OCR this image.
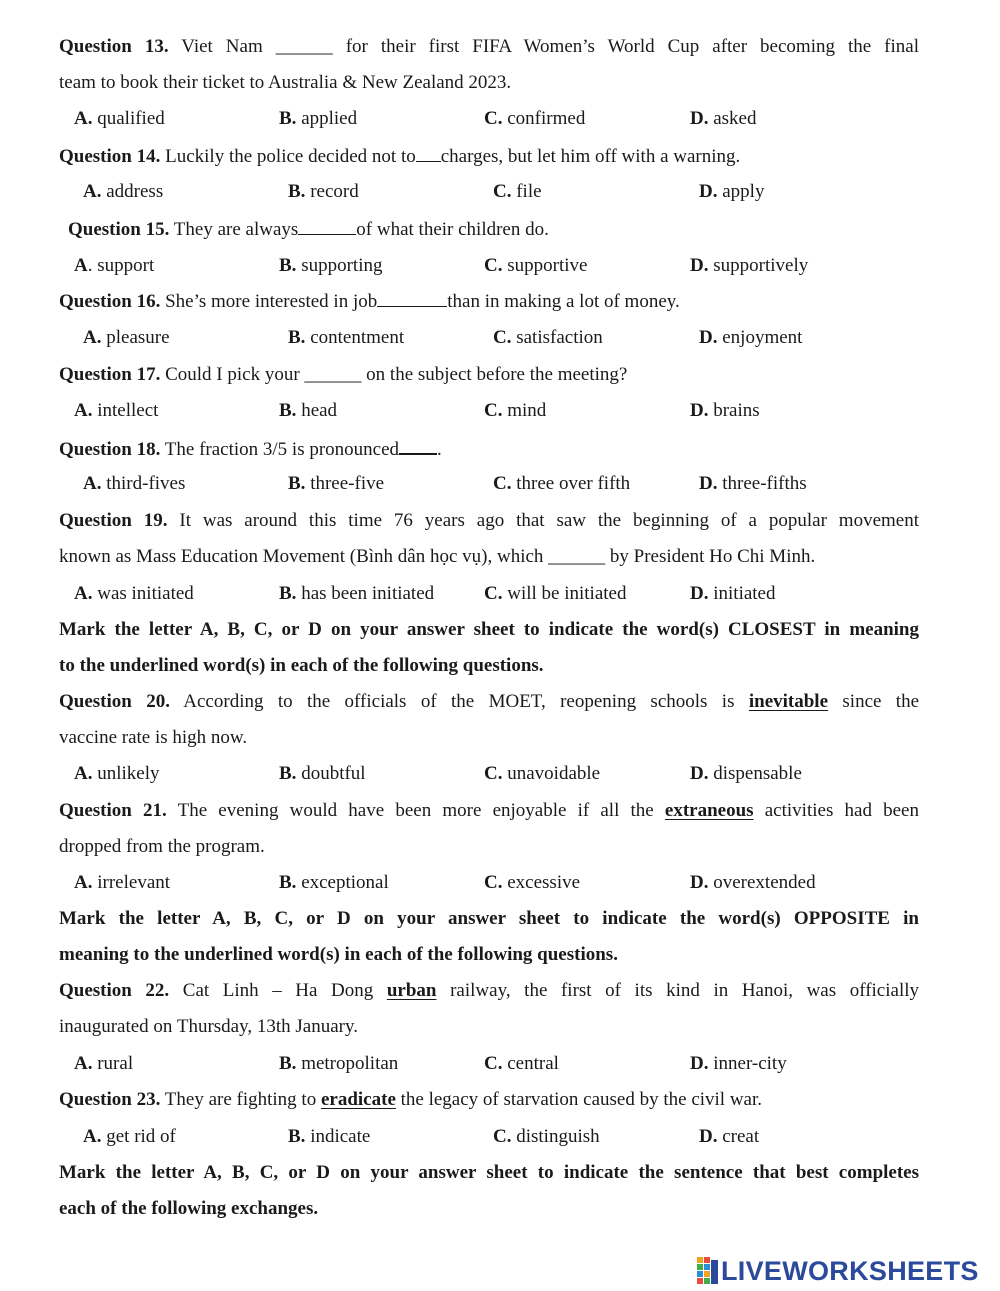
Question 13. Viet Nam ______ for their first FIFA Women’s World Cup after becoming the final
team to book their ticket to Australia & New Zealand 2023.
A. qualified	B. applied	C. confirmed	D. asked
Question 14. Luckily the police decided not to charges, but let him off with a warning.
A. address	B. record	C. file	D. apply
Question 15. They are always	of what their children do.
A. support	B. supporting	C. supportive	D. supportively
Question 16. She’s more interested in job	than in making a lot of money.
A. pleasure	B. contentment	C. satisfaction	D. enjoyment
Question 17. Could I pick your ______ on the subject before the meeting?
A. intellect	B. head	C. mind	D. brains
Question 18. The fraction 3/5 is pronounced .
A. third-fives	B. three-five	C. three over fifth	D. three-fifths
Question 19. It was around this time 76 years ago that saw the beginning of a popular movement
known as Mass Education Movement (Bình dân học vụ), which ______ by President Ho Chi Minh.
A. was initiated	B. has been initiated	C. will be initiated	D. initiated
Mark the letter A, B, C, or D on your answer sheet to indicate the word(s) CLOSEST in meaning
to the underlined word(s) in each of the following questions.
Question 20. According to the officials of the MOET, reopening schools is inevitable since the
vaccine rate is high now.
A. unlikely	B. doubtful	C. unavoidable	D. dispensable
Question 21. The evening would have been more enjoyable if all the extraneous activities had been
dropped from the program.
A. irrelevant	B. exceptional	C. excessive	D. overextended
Mark the letter A, B, C, or D on your answer sheet to indicate the word(s) OPPOSITE in
meaning to the underlined word(s) in each of the following questions.
Question 22. Cat Linh – Ha Dong urban railway, the first of its kind in Hanoi, was officially
inaugurated on Thursday, 13th January.
A. rural	B. metropolitan	C. central	D. inner-city
Question 23. They are fighting to eradicate the legacy of starvation caused by the civil war.
A. get rid of	B. indicate	C. distinguish	D. creat
Mark the letter A, B, C, or D on your answer sheet to indicate the sentence that best completes
each of the following exchanges.
LIVEWORKSHEETS
